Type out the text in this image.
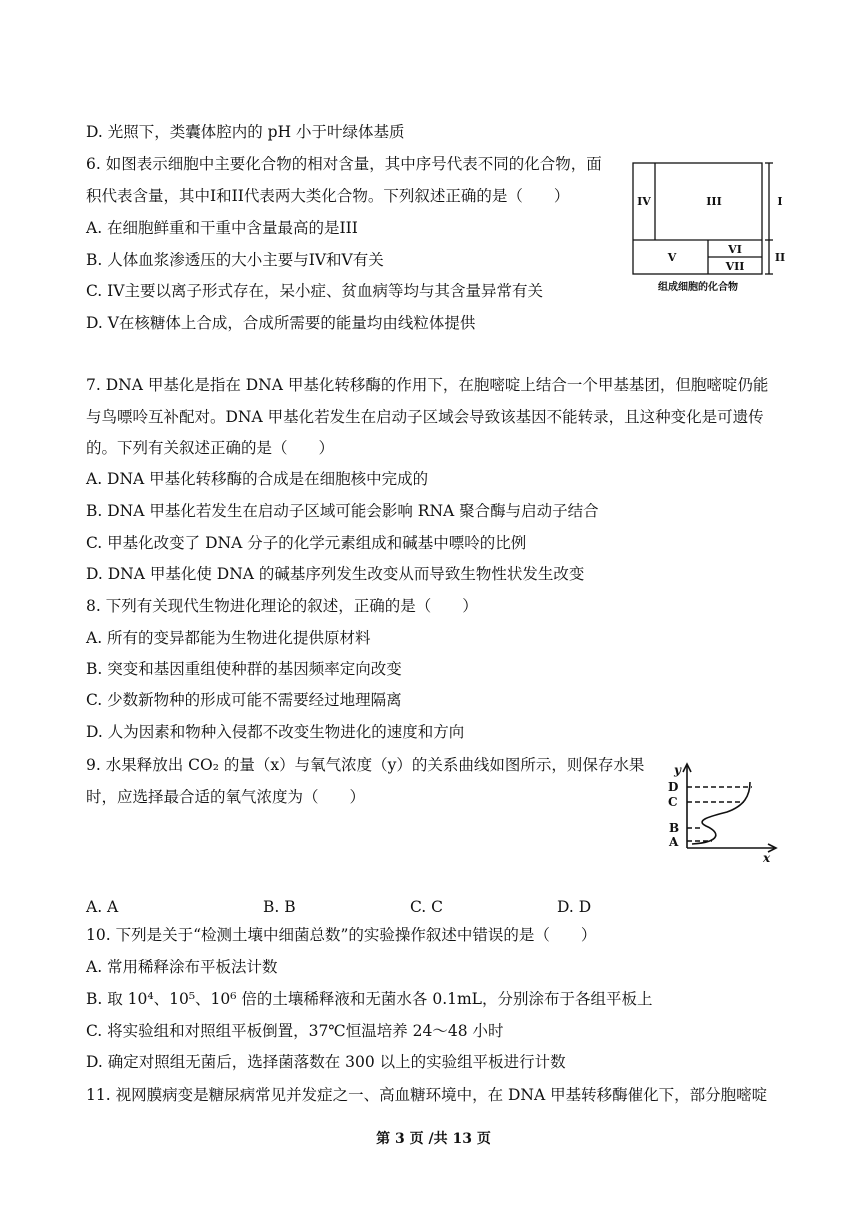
D. 光照下，类囊体腔内的 pH 小于叶绿体基质
6. 如图表示细胞中主要化合物的相对含量，其中序号代表不同的化合物，面
积代表含量，其中I和II代表两大类化合物。下列叙述正确的是（　　）
A. 在细胞鲜重和干重中含量最高的是III
B. 人体血浆渗透压的大小主要与IV和V有关
C. IV主要以离子形式存在，呆小症、贫血病等均与其含量异常有关
D. V在核糖体上合成，合成所需要的能量均由线粒体提供
7. DNA 甲基化是指在 DNA 甲基化转移酶的作用下，在胞嘧啶上结合一个甲基基团，但胞嘧啶仍能
与鸟嘌呤互补配对。DNA 甲基化若发生在启动子区域会导致该基因不能转录，且这种变化是可遗传
的。下列有关叙述正确的是（　　）
A. DNA 甲基化转移酶的合成是在细胞核中完成的
B. DNA 甲基化若发生在启动子区域可能会影响 RNA 聚合酶与启动子结合
C. 甲基化改变了 DNA 分子的化学元素组成和碱基中嘌呤的比例
D. DNA 甲基化使 DNA 的碱基序列发生改变从而导致生物性状发生改变
8. 下列有关现代生物进化理论的叙述，正确的是（　　）
A. 所有的变异都能为生物进化提供原材料
B. 突变和基因重组使种群的基因频率定向改变
C. 少数新物种的形成可能不需要经过地理隔离
D. 人为因素和物种入侵都不改变生物进化的速度和方向
9. 水果释放出 CO₂ 的量（x）与氧气浓度（y）的关系曲线如图所示，则保存水果
时，应选择最合适的氧气浓度为（　　）
A. A	B. B	C. C	D. D
10. 下列是关于“检测土壤中细菌总数”的实验操作叙述中错误的是（　　）
A. 常用稀释涂布平板法计数
B. 取 10⁴、10⁵、10⁶ 倍的土壤稀释液和无菌水各 0.1mL，分别涂布于各组平板上
C. 将实验组和对照组平板倒置，37℃恒温培养 24～48 小时
D. 确定对照组无菌后，选择菌落数在 300 以上的实验组平板进行计数
11. 视网膜病变是糖尿病常见并发症之一、高血糖环境中，在 DNA 甲基转移酶催化下，部分胞嘧啶
IV	III
V
VI
VII
I
II
组成细胞的化合物
y
x
D
C
B
A
第 3 页 /共 13 页
